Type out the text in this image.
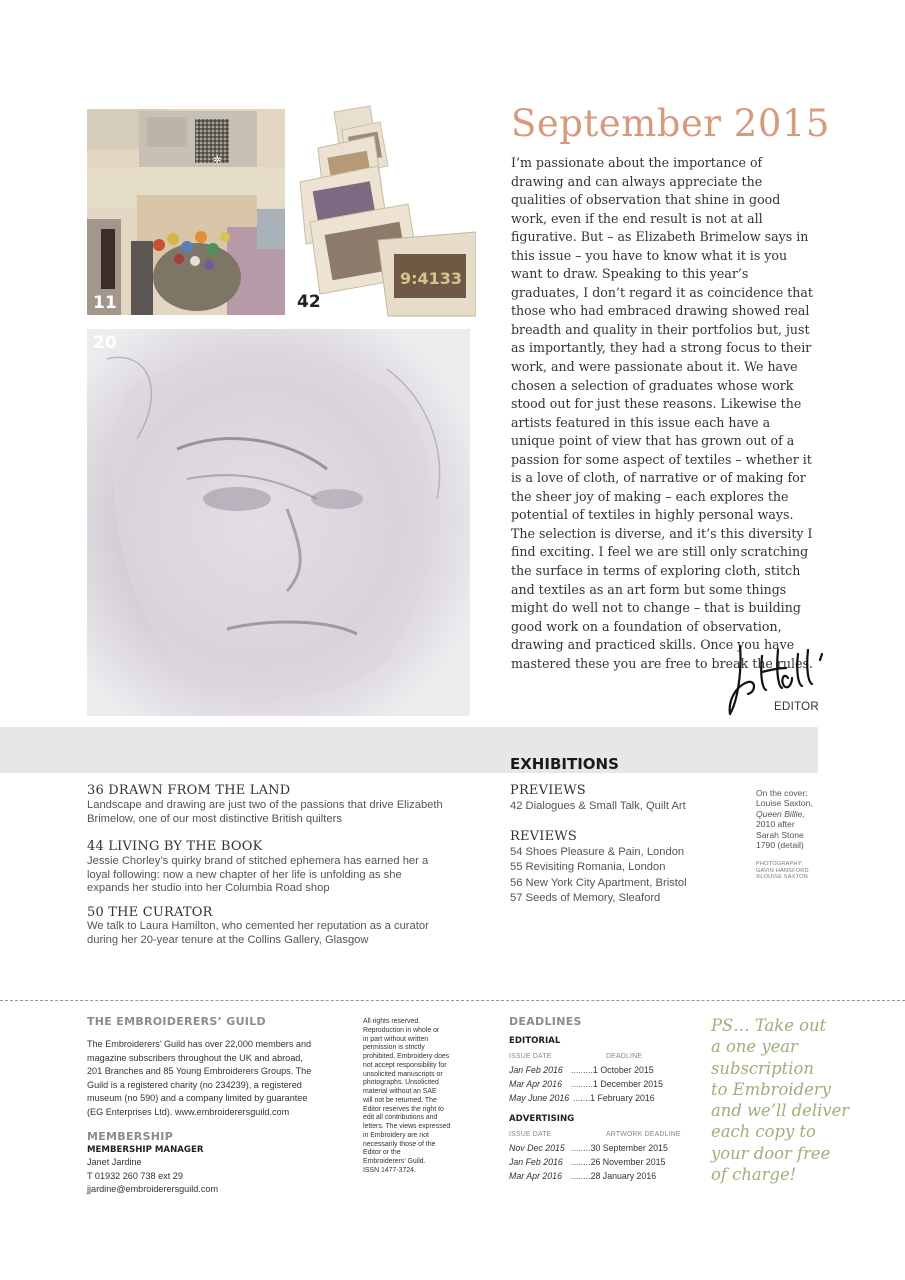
✲
11
9:4133
42
20
September 2015

I’m passionate about the importance of drawing and can always appreciate the qualities of observation that shine in good work, even if the end result is not at all figurative. But – as Elizabeth Brimelow says in this issue – you have to know what it is you want to draw. Speaking to this year’s graduates, I don’t regard it as coincidence that those who had embraced drawing showed real breadth and quality in their portfolios but, just as importantly, they had a strong focus to their work, and were passionate about it. We have chosen a selection of graduates whose work stood out for just these reasons. Likewise the artists featured in this issue each have a unique point of view that has grown out of a passion for some aspect of textiles – whether it is a love of cloth, of narrative or of making for the sheer joy of making – each explores the potential of textiles in highly personal ways. The selection is diverse, and it’s this diversity I find exciting. I feel we are still only scratching the surface in terms of exploring cloth, stitch and textiles as an art form but some things might do well not to change – that is building good work on a foundation of observation, drawing and practiced skills. Once you have mastered these you are free to break the rules.

EDITOR
EXHIBITIONS
36 DRAWN FROM THE LAND
Landscape and drawing are just two of the passions that drive Elizabeth Brimelow, one of our most distinctive British quilters
44 LIVING BY THE BOOK
Jessie Chorley’s quirky brand of stitched ephemera has earned her a loyal following: now a new chapter of her life is unfolding as she expands her studio into her Columbia Road shop
50 THE CURATOR
We talk to Laura Hamilton, who cemented her reputation as a curator during her 20-year tenure at the Collins Gallery, Glasgow
PREVIEWS
42 Dialogues & Small Talk, Quilt Art
REVIEWS
54 Shoes Pleasure & Pain, London
55 Revisiting Romania, London
56 New York City Apartment, Bristol
57 Seeds of Memory, Sleaford
On the cover:
Louise Saxton,
Queen Billie,
2010 after
Sarah Stone
1790 (detail)
PHOTOGRAPHY:
GAVIN HANSFORD
©LOUISE SAXTON
THE EMBROIDERERS’ GUILD
The Embroiderers’ Guild has over 22,000 members and
magazine subscribers throughout the UK and abroad,
201 Branches and 85 Young Embroiderers Groups. The
Guild is a registered charity (no 234239), a registered
museum (no 590) and a company limited by guarantee
(EG Enterprises Ltd). www.embroiderersguild.com
MEMBERSHIP
MEMBERSHIP MANAGER
Janet Jardine
T 01932 260 738 ext 29
jjardine@embroiderersguild.com
All rights reserved.
Reproduction in whole or
in part without written
permission is strictly
prohibited. Embroidery does
not accept responsibility for
unsolicited manuscripts or
photographs. Unsolicited
material without an SAE
will not be returned. The
Editor reserves the right to
edit all contributions and
letters. The views expressed
in Embroidery are not
necessarily those of the
Editor or the
Embroiderers’ Guild.
ISSN 1477-3724.
DEADLINES
EDITORIAL
ISSUE DATE	DEADLINE
Jan Feb 2016 .........1 October 2015
Mar Apr 2016 .........1 December 2015
May June 2016 .......1 February 2016
ADVERTISING
ISSUE DATE	ARTWORK DEADLINE
Nov Dec 2015 ........30 September 2015
Jan Feb 2016 ........26 November 2015
Mar Apr 2016 ........28 January 2016
PS… Take out
a one year
subscription
to Embroidery
and we’ll deliver
each copy to
your door free
of charge!
